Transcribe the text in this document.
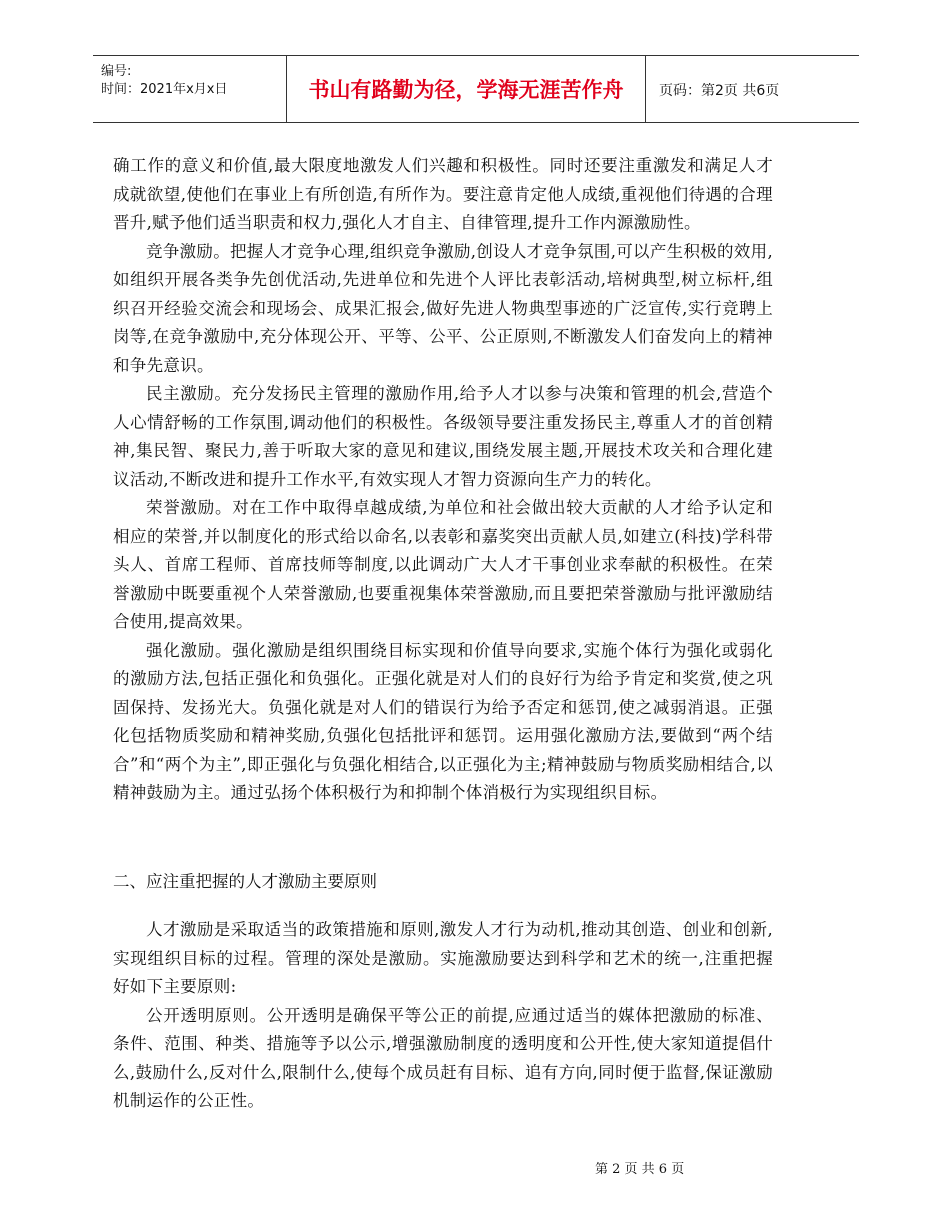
编号:
时间：2021年x月x日	书山有路勤为径，学海无涯苦作舟	页码：第2页 共6页

确工作的意义和价值,最大限度地激发人们兴趣和积极性。同时还要注重激发和满足人才成就欲望,使他们在事业上有所创造,有所作为。要注意肯定他人成绩,重视他们待遇的合理晋升,赋予他们适当职责和权力,强化人才自主、自律管理,提升工作内源激励性。

竞争激励。把握人才竞争心理,组织竞争激励,创设人才竞争氛围,可以产生积极的效用,如组织开展各类争先创优活动,先进单位和先进个人评比表彰活动,培树典型,树立标杆,组织召开经验交流会和现场会、成果汇报会,做好先进人物典型事迹的广泛宣传,实行竞聘上岗等,在竞争激励中,充分体现公开、平等、公平、公正原则,不断激发人们奋发向上的精神和争先意识。

民主激励。充分发扬民主管理的激励作用,给予人才以参与决策和管理的机会,营造个人心情舒畅的工作氛围,调动他们的积极性。各级领导要注重发扬民主,尊重人才的首创精神,集民智、聚民力,善于听取大家的意见和建议,围绕发展主题,开展技术攻关和合理化建议活动,不断改进和提升工作水平,有效实现人才智力资源向生产力的转化。

荣誉激励。对在工作中取得卓越成绩,为单位和社会做出较大贡献的人才给予认定和相应的荣誉,并以制度化的形式给以命名,以表彰和嘉奖突出贡献人员,如建立(科技)学科带头人、首席工程师、首席技师等制度,以此调动广大人才干事创业求奉献的积极性。在荣誉激励中既要重视个人荣誉激励,也要重视集体荣誉激励,而且要把荣誉激励与批评激励结合使用,提高效果。

强化激励。强化激励是组织围绕目标实现和价值导向要求,实施个体行为强化或弱化的激励方法,包括正强化和负强化。正强化就是对人们的良好行为给予肯定和奖赏,使之巩固保持、发扬光大。负强化就是对人们的错误行为给予否定和惩罚,使之减弱消退。正强化包括物质奖励和精神奖励,负强化包括批评和惩罚。运用强化激励方法,要做到“两个结合”和“两个为主”,即正强化与负强化相结合,以正强化为主;精神鼓励与物质奖励相结合,以精神鼓励为主。通过弘扬个体积极行为和抑制个体消极行为实现组织目标。

二、应注重把握的人才激励主要原则

人才激励是采取适当的政策措施和原则,激发人才行为动机,推动其创造、创业和创新,实现组织目标的过程。管理的深处是激励。实施激励要达到科学和艺术的统一,注重把握好如下主要原则:

公开透明原则。公开透明是确保平等公正的前提,应通过适当的媒体把激励的标准、条件、范围、种类、措施等予以公示,增强激励制度的透明度和公开性,使大家知道提倡什么,鼓励什么,反对什么,限制什么,使每个成员赶有目标、追有方向,同时便于监督,保证激励机制运作的公正性。

第 2 页 共 6 页
